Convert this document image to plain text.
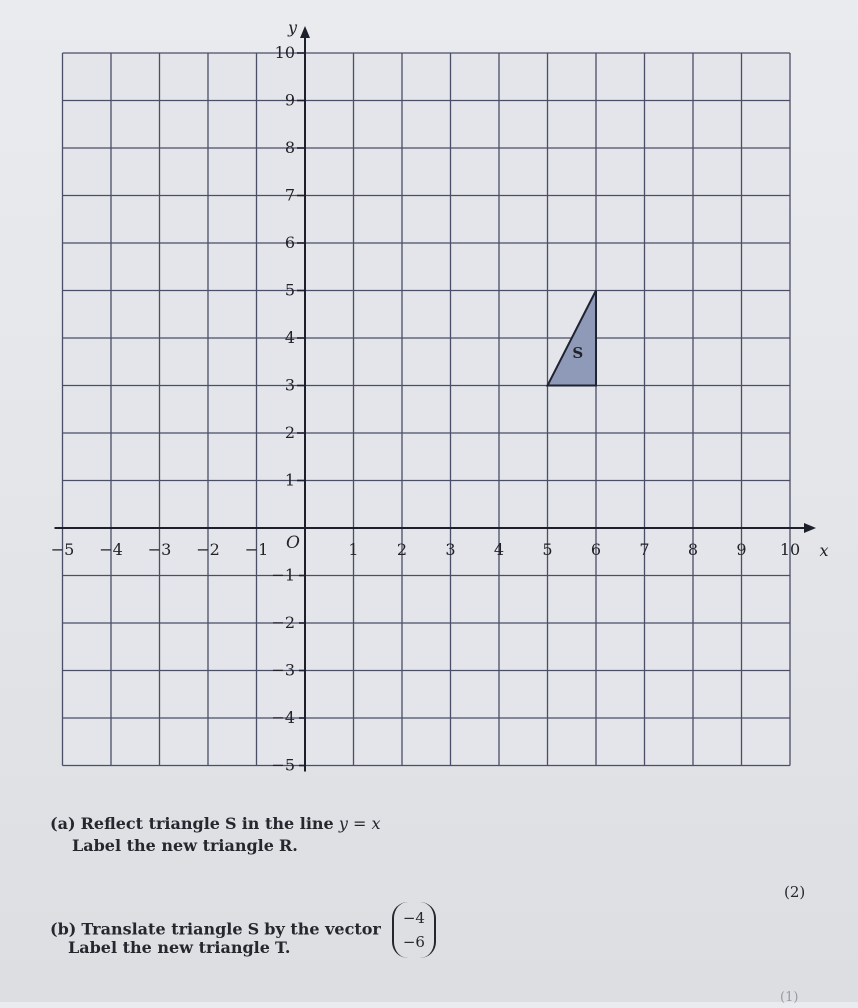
S
−5 −4 −3 −2 −1	1 2 3 4 5 6 7 8 9 10
O	x
1
2
3
4
5
6
7
8
9
10
−1
−2
−3
−4
−5
y
(a) Reflect triangle S in the line y = x
Label the new triangle R.
(2)
(b) Translate triangle S by the vector
−4
−6
Label the new triangle T.
(1)
